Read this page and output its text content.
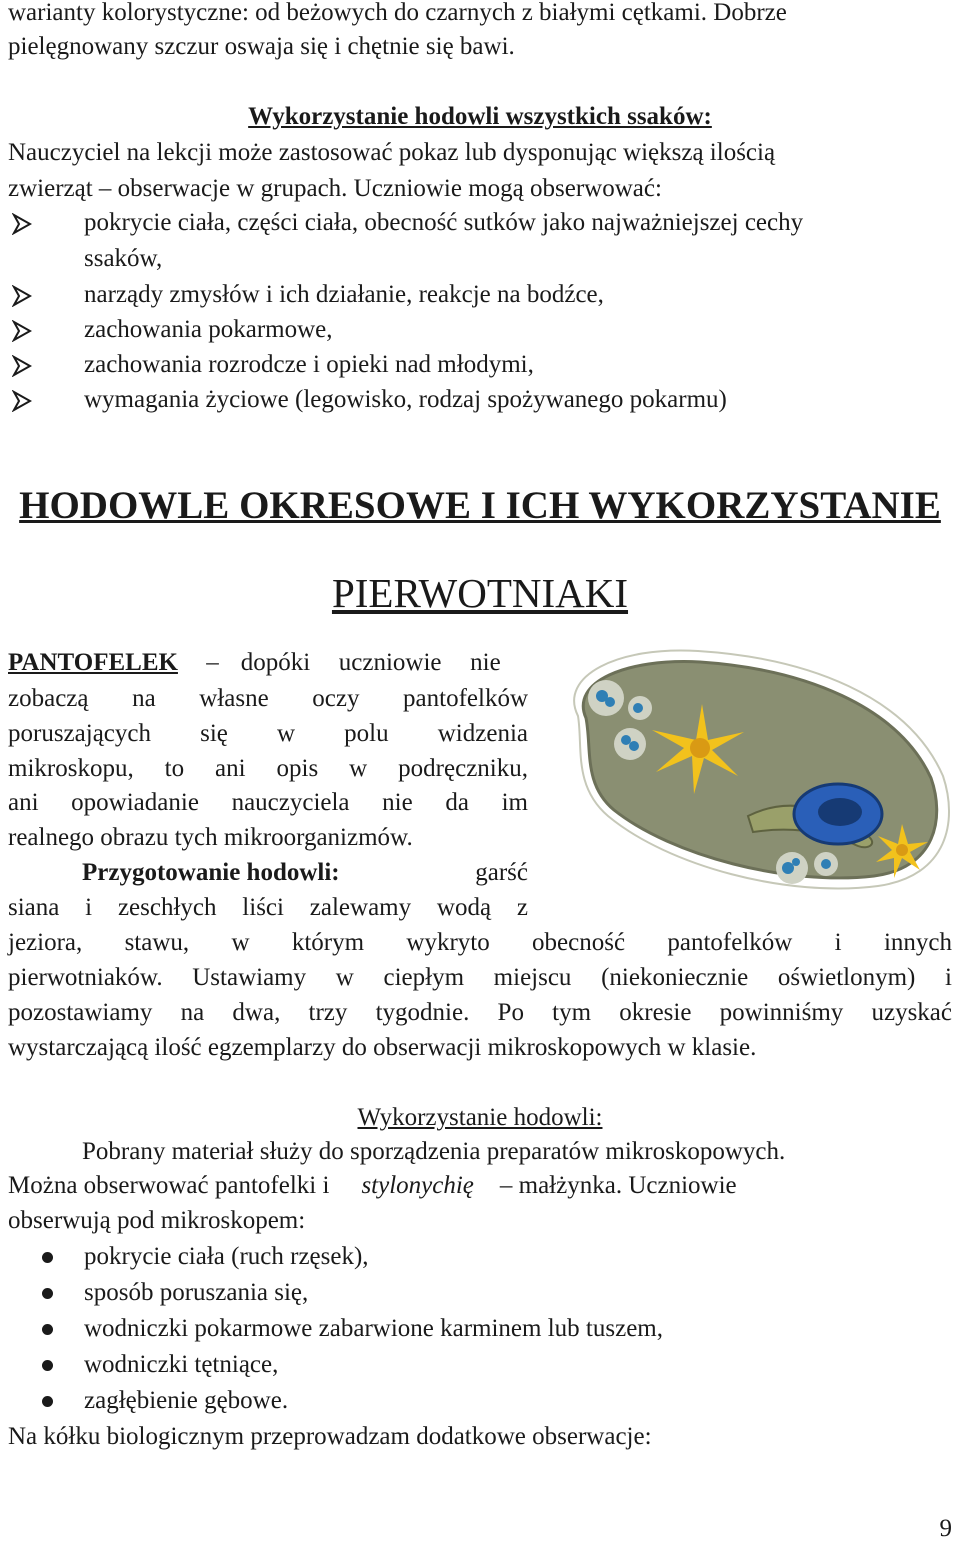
warianty kolorystyczne: od beżowych do czarnych z białymi cętkami. Dobrze
pielęgnowany szczur oswaja się i chętnie się bawi.
Wykorzystanie hodowli wszystkich ssaków:
Nauczyciel na lekcji może zastosować pokaz lub dysponując większą ilością
zwierząt – obserwacje w grupach. Uczniowie mogą obserwować:
pokrycie ciała, części ciała, obecność sutków jako najważniejszej cechy
ssaków,
narządy zmysłów i ich działanie, reakcje na bodźce,
zachowania pokarmowe,
zachowania rozrodcze i opieki nad młodymi,
wymagania życiowe (legowisko, rodzaj spożywanego pokarmu)
HODOWLE OKRESOWE I ICH WYKORZYSTANIE
PIERWOTNIAKI
PANTOFELEK – dopóki uczniowie nie
zobaczą na własne oczy pantofelków
poruszających się w polu widzenia
mikroskopu, to ani opis w podręczniku,
ani opowiadanie nauczyciela nie da im
realnego obrazu tych mikroorganizmów.
Przygotowanie hodowli:	garść
siana i zeschłych liści zalewamy wodą z
jeziora, stawu, w którym wykryto obecność pantofelków i innych
pierwotniaków. Ustawiamy w ciepłym miejscu (niekoniecznie oświetlonym) i
pozostawiamy na dwa, trzy tygodnie. Po tym okresie powinniśmy uzyskać
wystarczającą ilość egzemplarzy do obserwacji mikroskopowych w klasie.
Wykorzystanie hodowli:
Pobrany materiał służy do sporządzenia preparatów mikroskopowych.
Można obserwować pantofelki i stylonychię – małżynka. Uczniowie
obserwują pod mikroskopem:
pokrycie ciała (ruch rzęsek),
sposób poruszania się,
wodniczki pokarmowe zabarwione karminem lub tuszem,
wodniczki tętniące,
zagłębienie gębowe.
Na kółku biologicznym przeprowadzam dodatkowe obserwacje:
9
